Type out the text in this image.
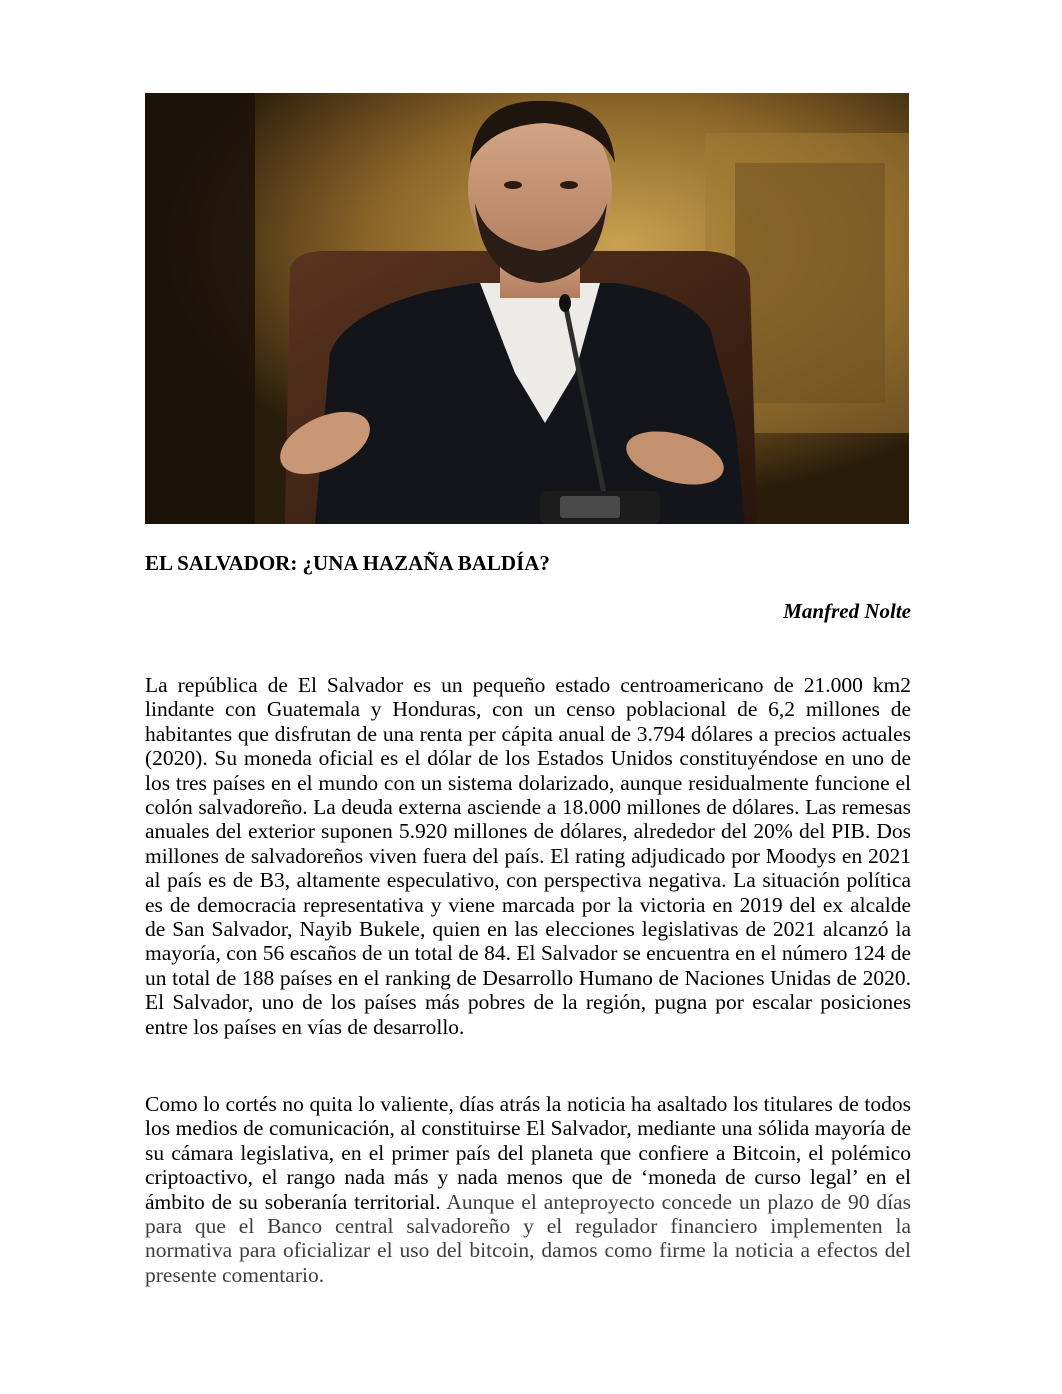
EL SALVADOR: ¿UNA HAZAÑA BALDÍA?

Manfred Nolte

La república de El Salvador es un pequeño estado centroamericano de 21.000 km2 lindante con Guatemala y Honduras, con un censo poblacional de 6,2 millones de habitantes que disfrutan de una renta per cápita anual de 3.794 dólares a precios actuales (2020). Su moneda oficial es el dólar de los Estados Unidos constituyéndose en uno de los tres países en el mundo con un sistema dolarizado, aunque residualmente funcione el colón salvadoreño. La deuda externa asciende a 18.000 millones de dólares. Las remesas anuales del exterior suponen 5.920 millones de dólares, alrededor del 20% del PIB. Dos millones de salvadoreños viven fuera del país. El rating adjudicado por Moodys en 2021 al país es de B3, altamente especulativo, con perspectiva negativa. La situación política es de democracia representativa y viene marcada por la victoria en 2019 del ex alcalde de San Salvador, Nayib Bukele, quien en las elecciones legislativas de 2021 alcanzó la mayoría, con 56 escaños de un total de 84. El Salvador se encuentra en el número 124 de un total de 188 países en el ranking de Desarrollo Humano de Naciones Unidas de 2020. El Salvador, uno de los países más pobres de la región, pugna por escalar posiciones entre los países en vías de desarrollo.

Como lo cortés no quita lo valiente, días atrás la noticia ha asaltado los titulares de todos los medios de comunicación, al constituirse El Salvador, mediante una sólida mayoría de su cámara legislativa, en el primer país del planeta que confiere a Bitcoin, el polémico criptoactivo, el rango nada más y nada menos que de ‘moneda de curso legal’ en el ámbito de su soberanía territorial. Aunque el anteproyecto concede un plazo de 90 días para que el Banco central salvadoreño y el regulador financiero implementen la normativa para oficializar el uso del bitcoin, damos como firme la noticia a efectos del presente comentario.
